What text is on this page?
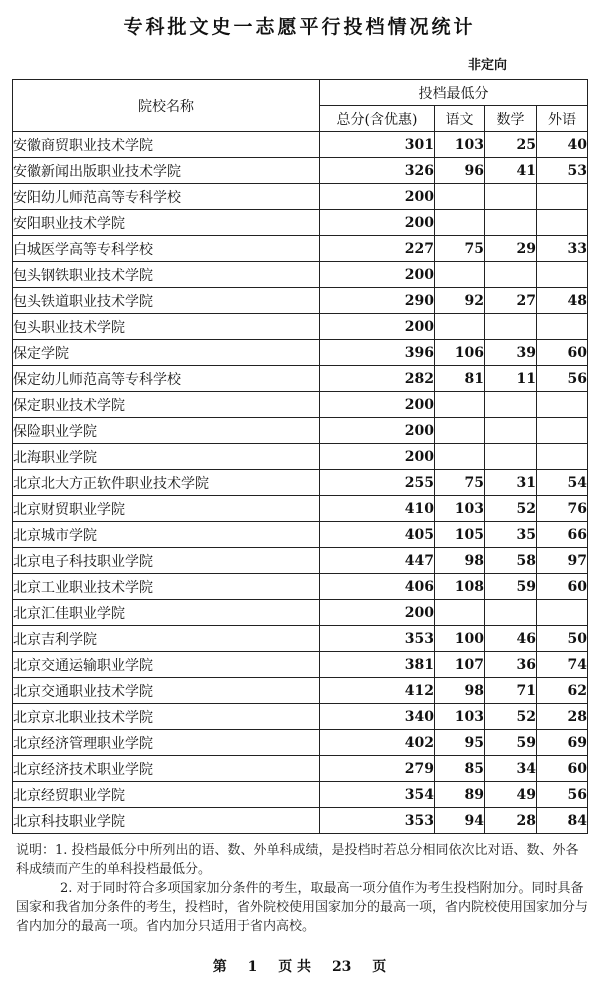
专科批文史一志愿平行投档情况统计
非定向
院校名称	投档最低分			
	总分(含优惠)	语文	数学	外语
安徽商贸职业技术学院	301	103	25	40
安徽新闻出版职业技术学院	326	96	41	53
安阳幼儿师范高等专科学校	200			
安阳职业技术学院	200			
白城医学高等专科学校	227	75	29	33
包头钢铁职业技术学院	200			
包头铁道职业技术学院	290	92	27	48
包头职业技术学院	200			
保定学院	396	106	39	60
保定幼儿师范高等专科学校	282	81	11	56
保定职业技术学院	200			
保险职业学院	200			
北海职业学院	200			
北京北大方正软件职业技术学院	255	75	31	54
北京财贸职业学院	410	103	52	76
北京城市学院	405	105	35	66
北京电子科技职业学院	447	98	58	97
北京工业职业技术学院	406	108	59	60
北京汇佳职业学院	200			
北京吉利学院	353	100	46	50
北京交通运输职业学院	381	107	36	74
北京交通职业技术学院	412	98	71	62
北京京北职业技术学院	340	103	52	28
北京经济管理职业学院	402	95	59	69
北京经济技术职业学院	279	85	34	60
北京经贸职业学院	354	89	49	56
北京科技职业学院	353	94	28	84

说明：1. 投档最低分中所列出的语、数、外单科成绩，是投档时若总分相同依次比对语、数、外各科成绩而产生的单科投档最低分。

2. 对于同时符合多项国家加分条件的考生，取最高一项分值作为考生投档附加分。同时具备国家和我省加分条件的考生，投档时，省外院校使用国家加分的最高一项，省内院校使用国家加分与省内加分的最高一项。省内加分只适用于省内高校。

第 1 页 共 23 页
